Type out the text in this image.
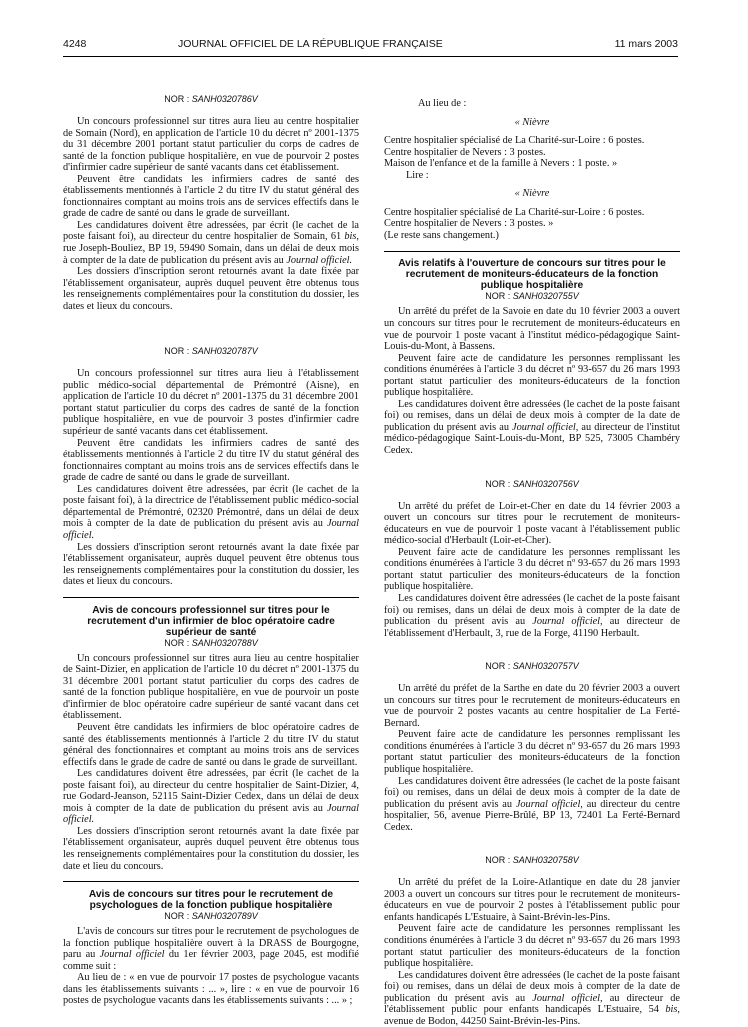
4248	JOURNAL OFFICIEL DE LA RÉPUBLIQUE FRANÇAISE	11 mars 2003
NOR : SANH0320786V

Un concours professionnel sur titres aura lieu au centre hospitalier de Somain (Nord), en application de l'article 10 du décret nº 2001-1375 du 31 décembre 2001 portant statut particulier du corps de cadres de santé de la fonction publique hospitalière, en vue de pourvoir 2 postes d'infirmier cadre supérieur de santé vacants dans cet établissement.

Peuvent être candidats les infirmiers cadres de santé des établissements mentionnés à l'article 2 du titre IV du statut général des fonctionnaires comptant au moins trois ans de services effectifs dans le grade de cadre de santé ou dans le grade de surveillant.

Les candidatures doivent être adressées, par écrit (le cachet de la poste faisant foi), au directeur du centre hospitalier de Somain, 61 bis, rue Joseph-Bouliez, BP 19, 59490 Somain, dans un délai de deux mois à compter de la date de publication du présent avis au Journal officiel.

Les dossiers d'inscription seront retournés avant la date fixée par l'établissement organisateur, auprès duquel peuvent être obtenus tous les renseignements complémentaires pour la constitution du dossier, les dates et lieux du concours.

NOR : SANH0320787V

Un concours professionnel sur titres aura lieu à l'établissement public médico-social départemental de Prémontré (Aisne), en application de l'article 10 du décret nº 2001-1375 du 31 décembre 2001 portant statut particulier du corps des cadres de santé de la fonction publique hospitalière, en vue de pourvoir 3 postes d'infirmier cadre supérieur de santé vacants dans cet établissement.

Peuvent être candidats les infirmiers cadres de santé des établissements mentionnés à l'article 2 du titre IV du statut général des fonctionnaires comptant au moins trois ans de services effectifs dans le grade de cadre de santé ou dans le grade de surveillant.

Les candidatures doivent être adressées, par écrit (le cachet de la poste faisant foi), à la directrice de l'établissement public médico-social départemental de Prémontré, 02320 Prémontré, dans un délai de deux mois à compter de la date de publication du présent avis au Journal officiel.

Les dossiers d'inscription seront retournés avant la date fixée par l'établissement organisateur, auprès duquel peuvent être obtenus tous les renseignements complémentaires pour la constitution du dossier, les dates et lieux du concours.

Avis de concours professionnel sur titres pour le recrutement d'un infirmier de bloc opératoire cadre supérieur de santé
NOR : SANH0320788V

Un concours professionnel sur titres aura lieu au centre hospitalier de Saint-Dizier, en application de l'article 10 du décret nº 2001-1375 du 31 décembre 2001 portant statut particulier du corps des cadres de santé de la fonction publique hospitalière, en vue de pourvoir un poste d'infirmier de bloc opératoire cadre supérieur de santé vacant dans cet établissement.

Peuvent être candidats les infirmiers de bloc opératoire cadres de santé des établissements mentionnés à l'article 2 du titre IV du statut général des fonctionnaires et comptant au moins trois ans de services effectifs dans le grade de cadre de santé ou dans le grade de surveillant.

Les candidatures doivent être adressées, par écrit (le cachet de la poste faisant foi), au directeur du centre hospitalier de Saint-Dizier, 4, rue Godard-Jeanson, 52115 Saint-Dizier Cedex, dans un délai de deux mois à compter de la date de publication du présent avis au Journal officiel.

Les dossiers d'inscription seront retournés avant la date fixée par l'établissement organisateur, auprès duquel peuvent être obtenus tous les renseignements complémentaires pour la constitution du dossier, les date et lieu du concours.

Avis de concours sur titres pour le recrutement de psychologues de la fonction publique hospitalière
NOR : SANH0320789V

L'avis de concours sur titres pour le recrutement de psychologues de la fonction publique hospitalière ouvert à la DRASS de Bourgogne, paru au Journal officiel du 1er février 2003, page 2045, est modifié comme suit :

Au lieu de : « en vue de pourvoir 17 postes de psychologue vacants dans les établissements suivants : ... », lire : « en vue de pourvoir 16 postes de psychologue vacants dans les établissements suivants : ... » ;

Au lieu de :

« Nièvre

Centre hospitalier spécialisé de La Charité-sur-Loire : 6 postes.

Centre hospitalier de Nevers : 3 postes.

Maison de l'enfance et de la famille à Nevers : 1 poste. »

Lire :

« Nièvre

Centre hospitalier spécialisé de La Charité-sur-Loire : 6 postes.

Centre hospitalier de Nevers : 3 postes. »

(Le reste sans changement.)

Avis relatifs à l'ouverture de concours sur titres pour le recrutement de moniteurs-éducateurs de la fonction publique hospitalière
NOR : SANH0320755V

Un arrêté du préfet de la Savoie en date du 10 février 2003 a ouvert un concours sur titres pour le recrutement de moniteurs-éducateurs en vue de pourvoir 1 poste vacant à l'institut médico-pédagogique Saint-Louis-du-Mont, à Bassens.

Peuvent faire acte de candidature les personnes remplissant les conditions énumérées à l'article 3 du décret nº 93-657 du 26 mars 1993 portant statut particulier des moniteurs-éducateurs de la fonction publique hospitalière.

Les candidatures doivent être adressées (le cachet de la poste faisant foi) ou remises, dans un délai de deux mois à compter de la date de publication du présent avis au Journal officiel, au directeur de l'institut médico-pédagogique Saint-Louis-du-Mont, BP 525, 73005 Chambéry Cedex.

NOR : SANH0320756V

Un arrêté du préfet de Loir-et-Cher en date du 14 février 2003 a ouvert un concours sur titres pour le recrutement de moniteurs-éducateurs en vue de pourvoir 1 poste vacant à l'établissement public médico-social d'Herbault (Loir-et-Cher).

Peuvent faire acte de candidature les personnes remplissant les conditions énumérées à l'article 3 du décret nº 93-657 du 26 mars 1993 portant statut particulier des moniteurs-éducateurs de la fonction publique hospitalière.

Les candidatures doivent être adressées (le cachet de la poste faisant foi) ou remises, dans un délai de deux mois à compter de la date de publication du présent avis au Journal officiel, au directeur de l'établissement d'Herbault, 3, rue de la Forge, 41190 Herbault.

NOR : SANH0320757V

Un arrêté du préfet de la Sarthe en date du 20 février 2003 a ouvert un concours sur titres pour le recrutement de moniteurs-éducateurs en vue de pourvoir 2 postes vacants au centre hospitalier de La Ferté-Bernard.

Peuvent faire acte de candidature les personnes remplissant les conditions énumérées à l'article 3 du décret nº 93-657 du 26 mars 1993 portant statut particulier des moniteurs-éducateurs de la fonction publique hospitalière.

Les candidatures doivent être adressées (le cachet de la poste faisant foi) ou remises, dans un délai de deux mois à compter de la date de publication du présent avis au Journal officiel, au directeur du centre hospitalier, 56, avenue Pierre-Brûlé, BP 13, 72401 La Ferté-Bernard Cedex.

NOR : SANH0320758V

Un arrêté du préfet de la Loire-Atlantique en date du 28 janvier 2003 a ouvert un concours sur titres pour le recrutement de moniteurs-éducateurs en vue de pourvoir 2 postes à l'établissement public pour enfants handicapés L'Estuaire, à Saint-Brévin-les-Pins.

Peuvent faire acte de candidature les personnes remplissant les conditions énumérées à l'article 3 du décret nº 93-657 du 26 mars 1993 portant statut particulier des moniteurs-éducateurs de la fonction publique hospitalière.

Les candidatures doivent être adressées (le cachet de la poste faisant foi) ou remises, dans un délai de deux mois à compter de la date de publication du présent avis au Journal officiel, au directeur de l'établissement public pour enfants handicapés L'Estuaire, 54 bis, avenue de Bodon, 44250 Saint-Brévin-les-Pins.
